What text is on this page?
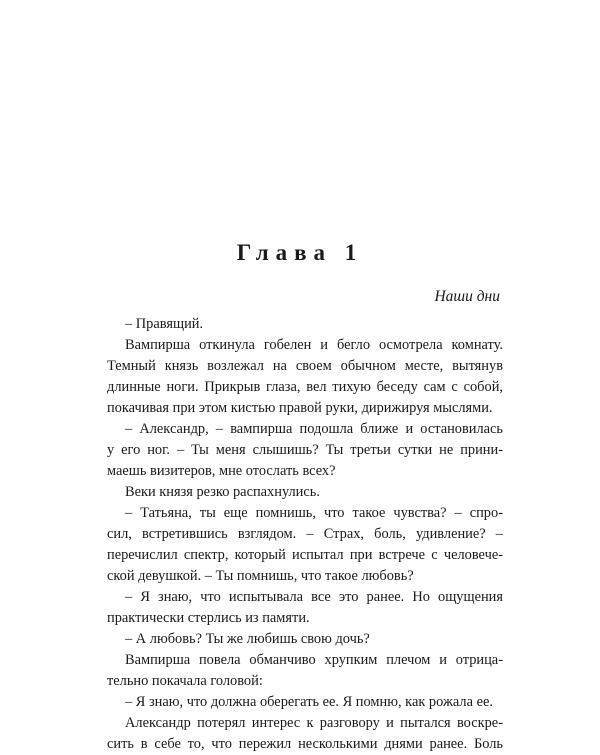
Глава 1

Наши дни

– Правящий.
Вампирша откинула гобелен и бегло осмотрела комнату.
Темный князь возлежал на своем обычном месте, вытянув
длинные ноги. Прикрыв глаза, вел тихую беседу сам с собой,
покачивая при этом кистью правой руки, дирижируя мыслями.
– Александр, – вампирша подошла ближе и остановилась
у его ног. – Ты меня слышишь? Ты третьи сутки не прини-
маешь визитеров, мне отослать всех?
Веки князя резко распахнулись.
– Татьяна, ты еще помнишь, что такое чувства? – спро-
сил, встретившись взглядом. – Страх, боль, удивление? –
перечислил спектр, который испытал при встрече с человече-
ской девушкой. – Ты помнишь, что такое любовь?
– Я знаю, что испытывала все это ранее. Но ощущения
практически стерлись из памяти.
– А любовь? Ты же любишь свою дочь?
Вампирша повела обманчиво хрупким плечом и отрица-
тельно покачала головой:
– Я знаю, что должна оберегать ее. Я помню, как рожала ее.
Александр потерял интерес к разговору и пытался воскре-
сить в себе то, что пережил несколькими днями ранее. Боль
